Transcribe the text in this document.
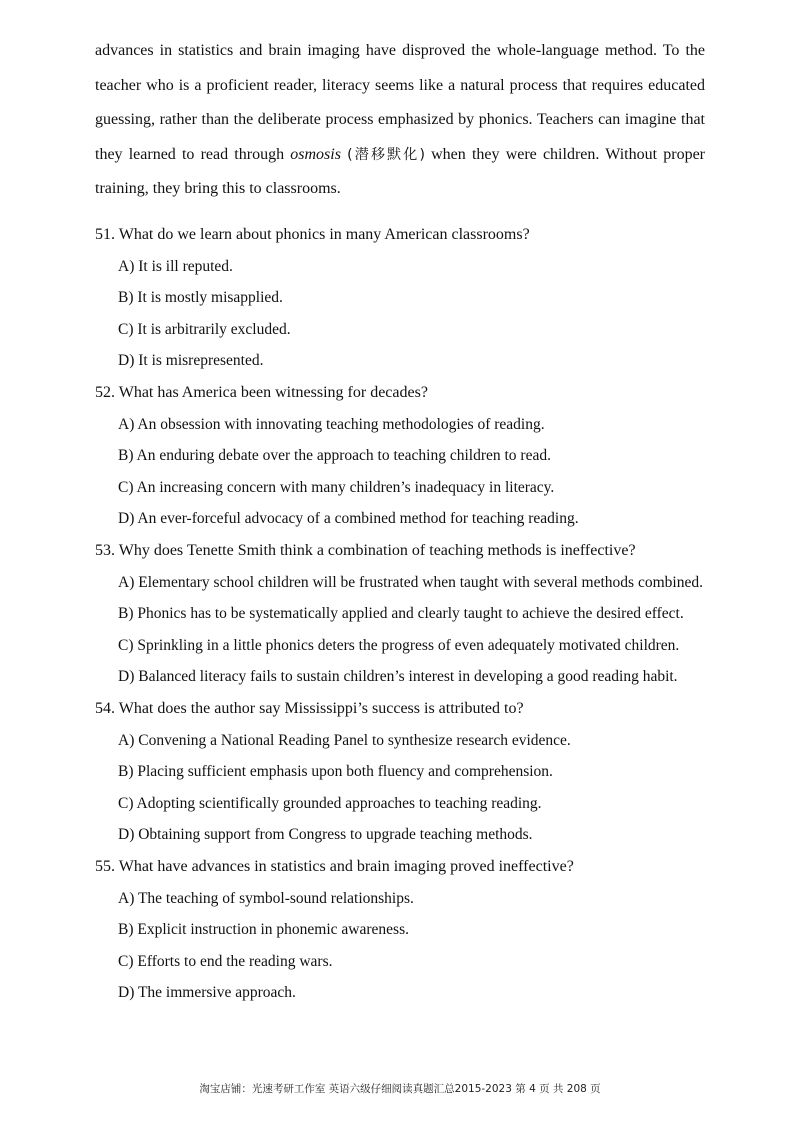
advances in statistics and brain imaging have disproved the whole-language method. To the teacher who is a proficient reader, literacy seems like a natural process that requires educated guessing, rather than the deliberate process emphasized by phonics. Teachers can imagine that they learned to read through osmosis (潜移默化) when they were children. Without proper training, they bring this to classrooms.
51. What do we learn about phonics in many American classrooms?
A) It is ill reputed.
B) It is mostly misapplied.
C) It is arbitrarily excluded.
D) It is misrepresented.
52. What has America been witnessing for decades?
A) An obsession with innovating teaching methodologies of reading.
B) An enduring debate over the approach to teaching children to read.
C) An increasing concern with many children’s inadequacy in literacy.
D) An ever-forceful advocacy of a combined method for teaching reading.
53. Why does Tenette Smith think a combination of teaching methods is ineffective?
A) Elementary school children will be frustrated when taught with several methods combined.
B) Phonics has to be systematically applied and clearly taught to achieve the desired effect.
C) Sprinkling in a little phonics deters the progress of even adequately motivated children.
D) Balanced literacy fails to sustain children’s interest in developing a good reading habit.
54. What does the author say Mississippi’s success is attributed to?
A) Convening a National Reading Panel to synthesize research evidence.
B) Placing sufficient emphasis upon both fluency and comprehension.
C) Adopting scientifically grounded approaches to teaching reading.
D) Obtaining support from Congress to upgrade teaching methods.
55. What have advances in statistics and brain imaging proved ineffective?
A) The teaching of symbol-sound relationships.
B) Explicit instruction in phonemic awareness.
C) Efforts to end the reading wars.
D) The immersive approach.
淘宝店铺：光速考研工作室 英语六级仔细阅读真题汇总2015-2023 第 4 页 共 208 页
